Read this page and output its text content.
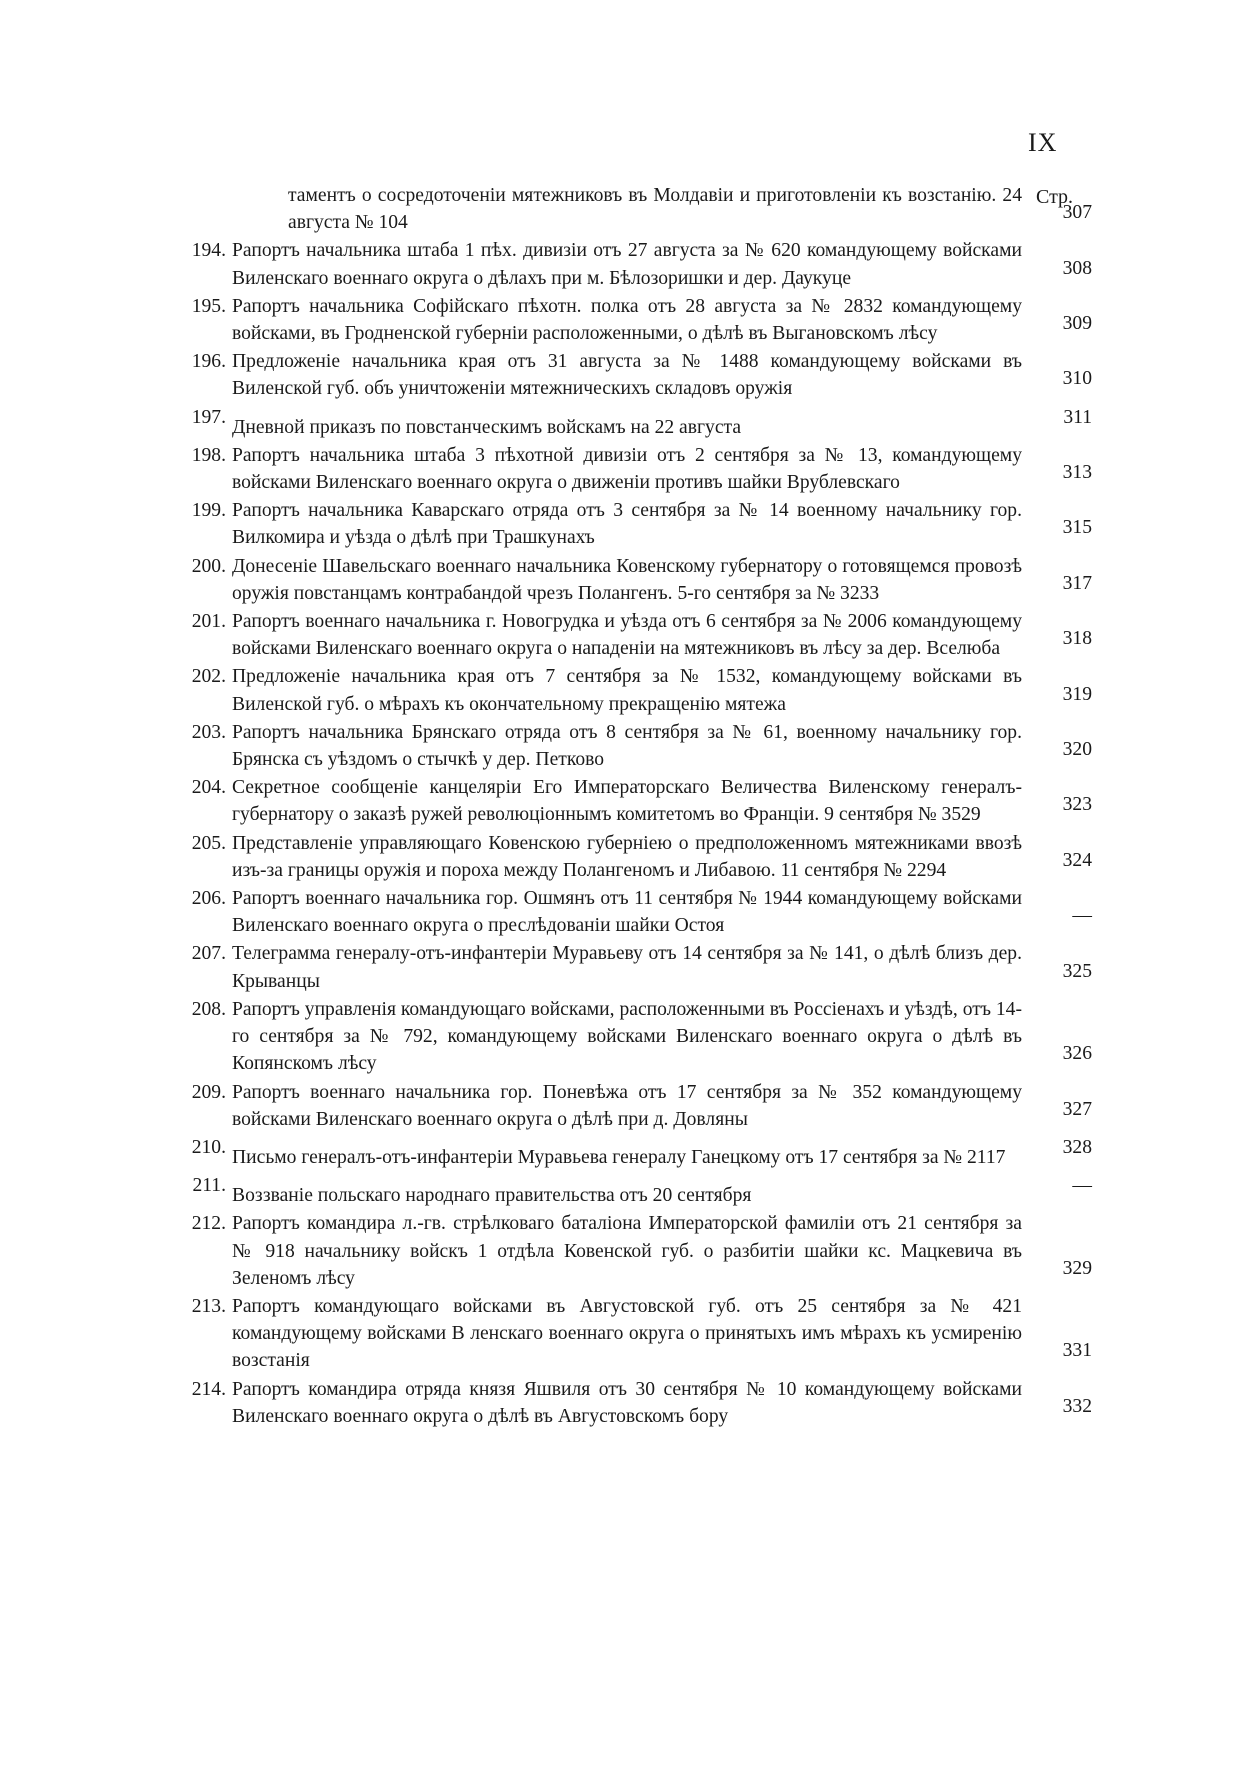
IX
Стр.
таментъ о сосредоточеніи мятежниковъ въ Молдавіи и приготовленіи къ возстанію. 24 августа № 104	307
194. Рапортъ начальника штаба 1 пѣх. дивизіи отъ 27 августа за № 620 командующему войсками Виленскаго военнаго округа о дѣлахъ при м. Бѣлозоришки и дер. Даукуце	308
195. Рапортъ начальника Софійскаго пѣхотн. полка отъ 28 августа за № 2832 командующему войсками, въ Гродненской губерніи расположенными, о дѣлѣ въ Выгановскомъ лѣсу	309
196. Предложеніе начальника края отъ 31 августа за № 1488 командующему войсками въ Виленской губ. объ уничтоженіи мятежническихъ складовъ оружія	310
197. Дневной приказъ по повстанческимъ войскамъ на 22 августа	311
198. Рапортъ начальника штаба 3 пѣхотной дивизіи отъ 2 сентября за № 13, командующему войсками Виленскаго военнаго округа о движеніи противъ шайки Врублевскаго	313
199. Рапортъ начальника Каварскаго отряда отъ 3 сентября за № 14 военному начальнику гор. Вилкомира и уѣзда о дѣлѣ при Трашкунахъ	315
200. Донесеніе Шавельскаго военнаго начальника Ковенскому губернатору о готовящемся провозѣ оружія повстанцамъ контрабандой чрезъ Полангенъ. 5-го сентября за № 3233	317
201. Рапортъ военнаго начальника г. Новогрудка и уѣзда отъ 6 сентября за № 2006 командующему войсками Виленскаго военнаго округа о нападеніи на мятежниковъ въ лѣсу за дер. Вселюба	318
202. Предложеніе начальника края отъ 7 сентября за № 1532, командующему войсками въ Виленской губ. о мѣрахъ къ окончательному прекращенію мятежа	319
203. Рапортъ начальника Брянскаго отряда отъ 8 сентября за № 61, военному начальнику гор. Брянска съ уѣздомъ о стычкѣ у дер. Петково	320
204. Секретное сообщеніе канцеляріи Его Императорскаго Величества Виленскому генералъ-губернатору о заказѣ ружей революціоннымъ комитетомъ во Франціи. 9 сентября № 3529	323
205. Представленіе управляющаго Ковенскою губерніею о предположенномъ мятежниками ввозѣ изъ-за границы оружія и пороха между Полангеномъ и Либавою. 11 сентября № 2294	324
206. Рапортъ военнаго начальника гор. Ошмянъ отъ 11 сентября № 1944 командующему войсками Виленскаго военнаго округа о преслѣдованіи шайки Остоя	—
207. Телеграмма генералу-отъ-инфантеріи Муравьеву отъ 14 сентября за № 141, о дѣлѣ близъ дер. Крыванцы	325
208. Рапортъ управленія командующаго войсками, расположенными въ Россіенахъ и уѣздѣ, отъ 14-го сентября за № 792, командующему войсками Виленскаго военнаго округа о дѣлѣ въ Копянскомъ лѣсу	326
209. Рапортъ военнаго начальника гор. Поневѣжа отъ 17 сентября за № 352 командующему войсками Виленскаго военнаго округа о дѣлѣ при д. Довляны	327
210. Письмо генералъ-отъ-инфантеріи Муравьева генералу Ганецкому отъ 17 сентября за № 2117	328
211. Воззваніе польскаго народнаго правительства отъ 20 сентября	—
212. Рапортъ командира л.-гв. стрѣлковаго баталіона Императорской фамиліи отъ 21 сентября за № 918 начальнику войскъ 1 отдѣла Ковенской губ. о разбитіи шайки кс. Мацкевича въ Зеленомъ лѣсу	329
213. Рапортъ командующаго войсками въ Августовской губ. отъ 25 сентября за № 421 командующему войсками В ленскаго военнаго округа о принятыхъ имъ мѣрахъ къ усмиренію возстанія	331
214. Рапортъ командира отряда князя Яшвиля отъ 30 сентября № 10 командующему войсками Виленскаго военнаго округа о дѣлѣ въ Августовскомъ бору	332
